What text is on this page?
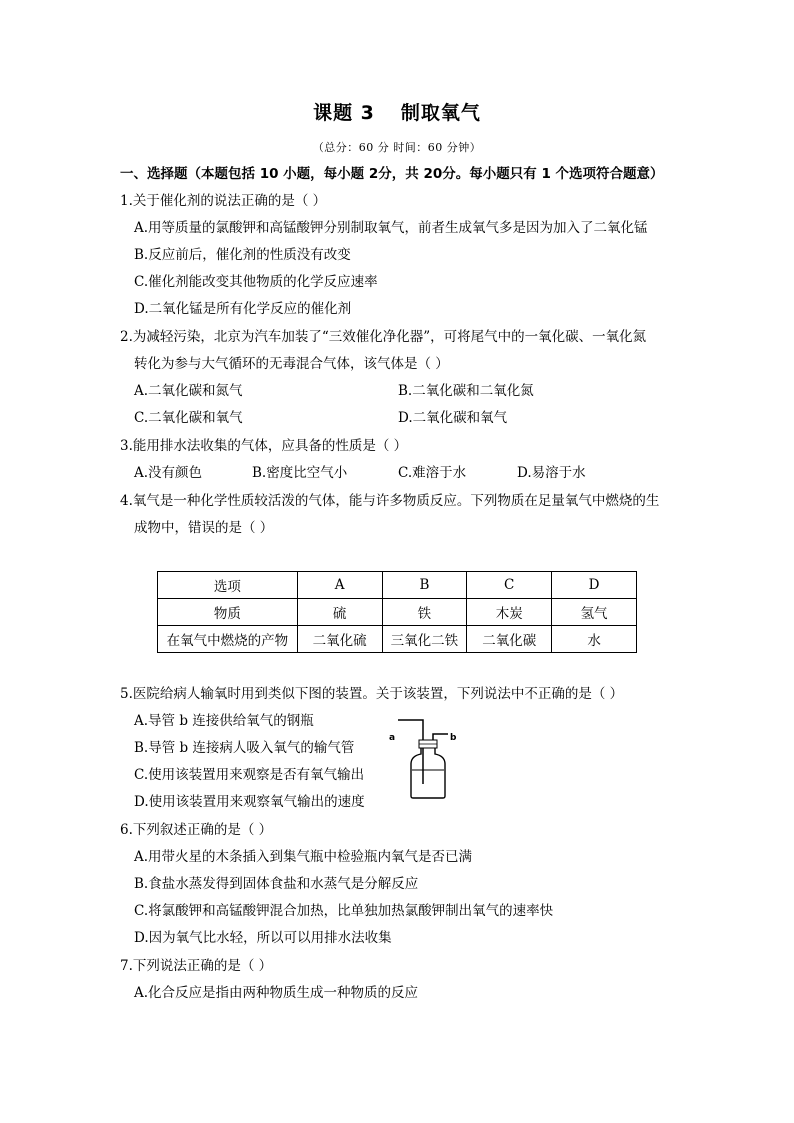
课题 3 制取氧气
（总分：60 分 时间：60 分钟）
一、选择题（本题包括 10 小题，每小题 2分，共 20分。每小题只有 1 个选项符合题意）
1.关于催化剂的说法正确的是（ ）
A.用等质量的氯酸钾和高锰酸钾分别制取氧气，前者生成氧气多是因为加入了二氧化锰
B.反应前后，催化剂的性质没有改变
C.催化剂能改变其他物质的化学反应速率
D.二氧化锰是所有化学反应的催化剂
2.为减轻污染，北京为汽车加装了“三效催化净化器”，可将尾气中的一氧化碳、一氧化氮
转化为参与大气循环的无毒混合气体，该气体是（ ）
A.二氧化碳和氮气	B.二氧化碳和二氧化氮
C.二氧化碳和氧气	D.二氧化碳和氧气
3.能用排水法收集的气体，应具备的性质是（ ）
A.没有颜色	B.密度比空气小	C.难溶于水	D.易溶于水
4.氧气是一种化学性质较活泼的气体，能与许多物质反应。下列物质在足量氧气中燃烧的生
成物中，错误的是（ ）
选项	A	B	C	D
物质	硫	铁	木炭	氢气
在氧气中燃烧的产物	二氧化硫	三氧化二铁	二氧化碳	水
5.医院给病人输氧时用到类似下图的装置。关于该装置，下列说法中不正确的是（ ）
A.导管 b 连接供给氧气的钢瓶
B.导管 b 连接病人吸入氧气的输气管
C.使用该装置用来观察是否有氧气输出
D.使用该装置用来观察氧气输出的速度
a	b
6.下列叙述正确的是（ ）
A.用带火星的木条插入到集气瓶中检验瓶内氧气是否已满
B.食盐水蒸发得到固体食盐和水蒸气是分解反应
C.将氯酸钾和高锰酸钾混合加热，比单独加热氯酸钾制出氧气的速率快
D.因为氧气比水轻，所以可以用排水法收集
7.下列说法正确的是（ ）
A.化合反应是指由两种物质生成一种物质的反应
